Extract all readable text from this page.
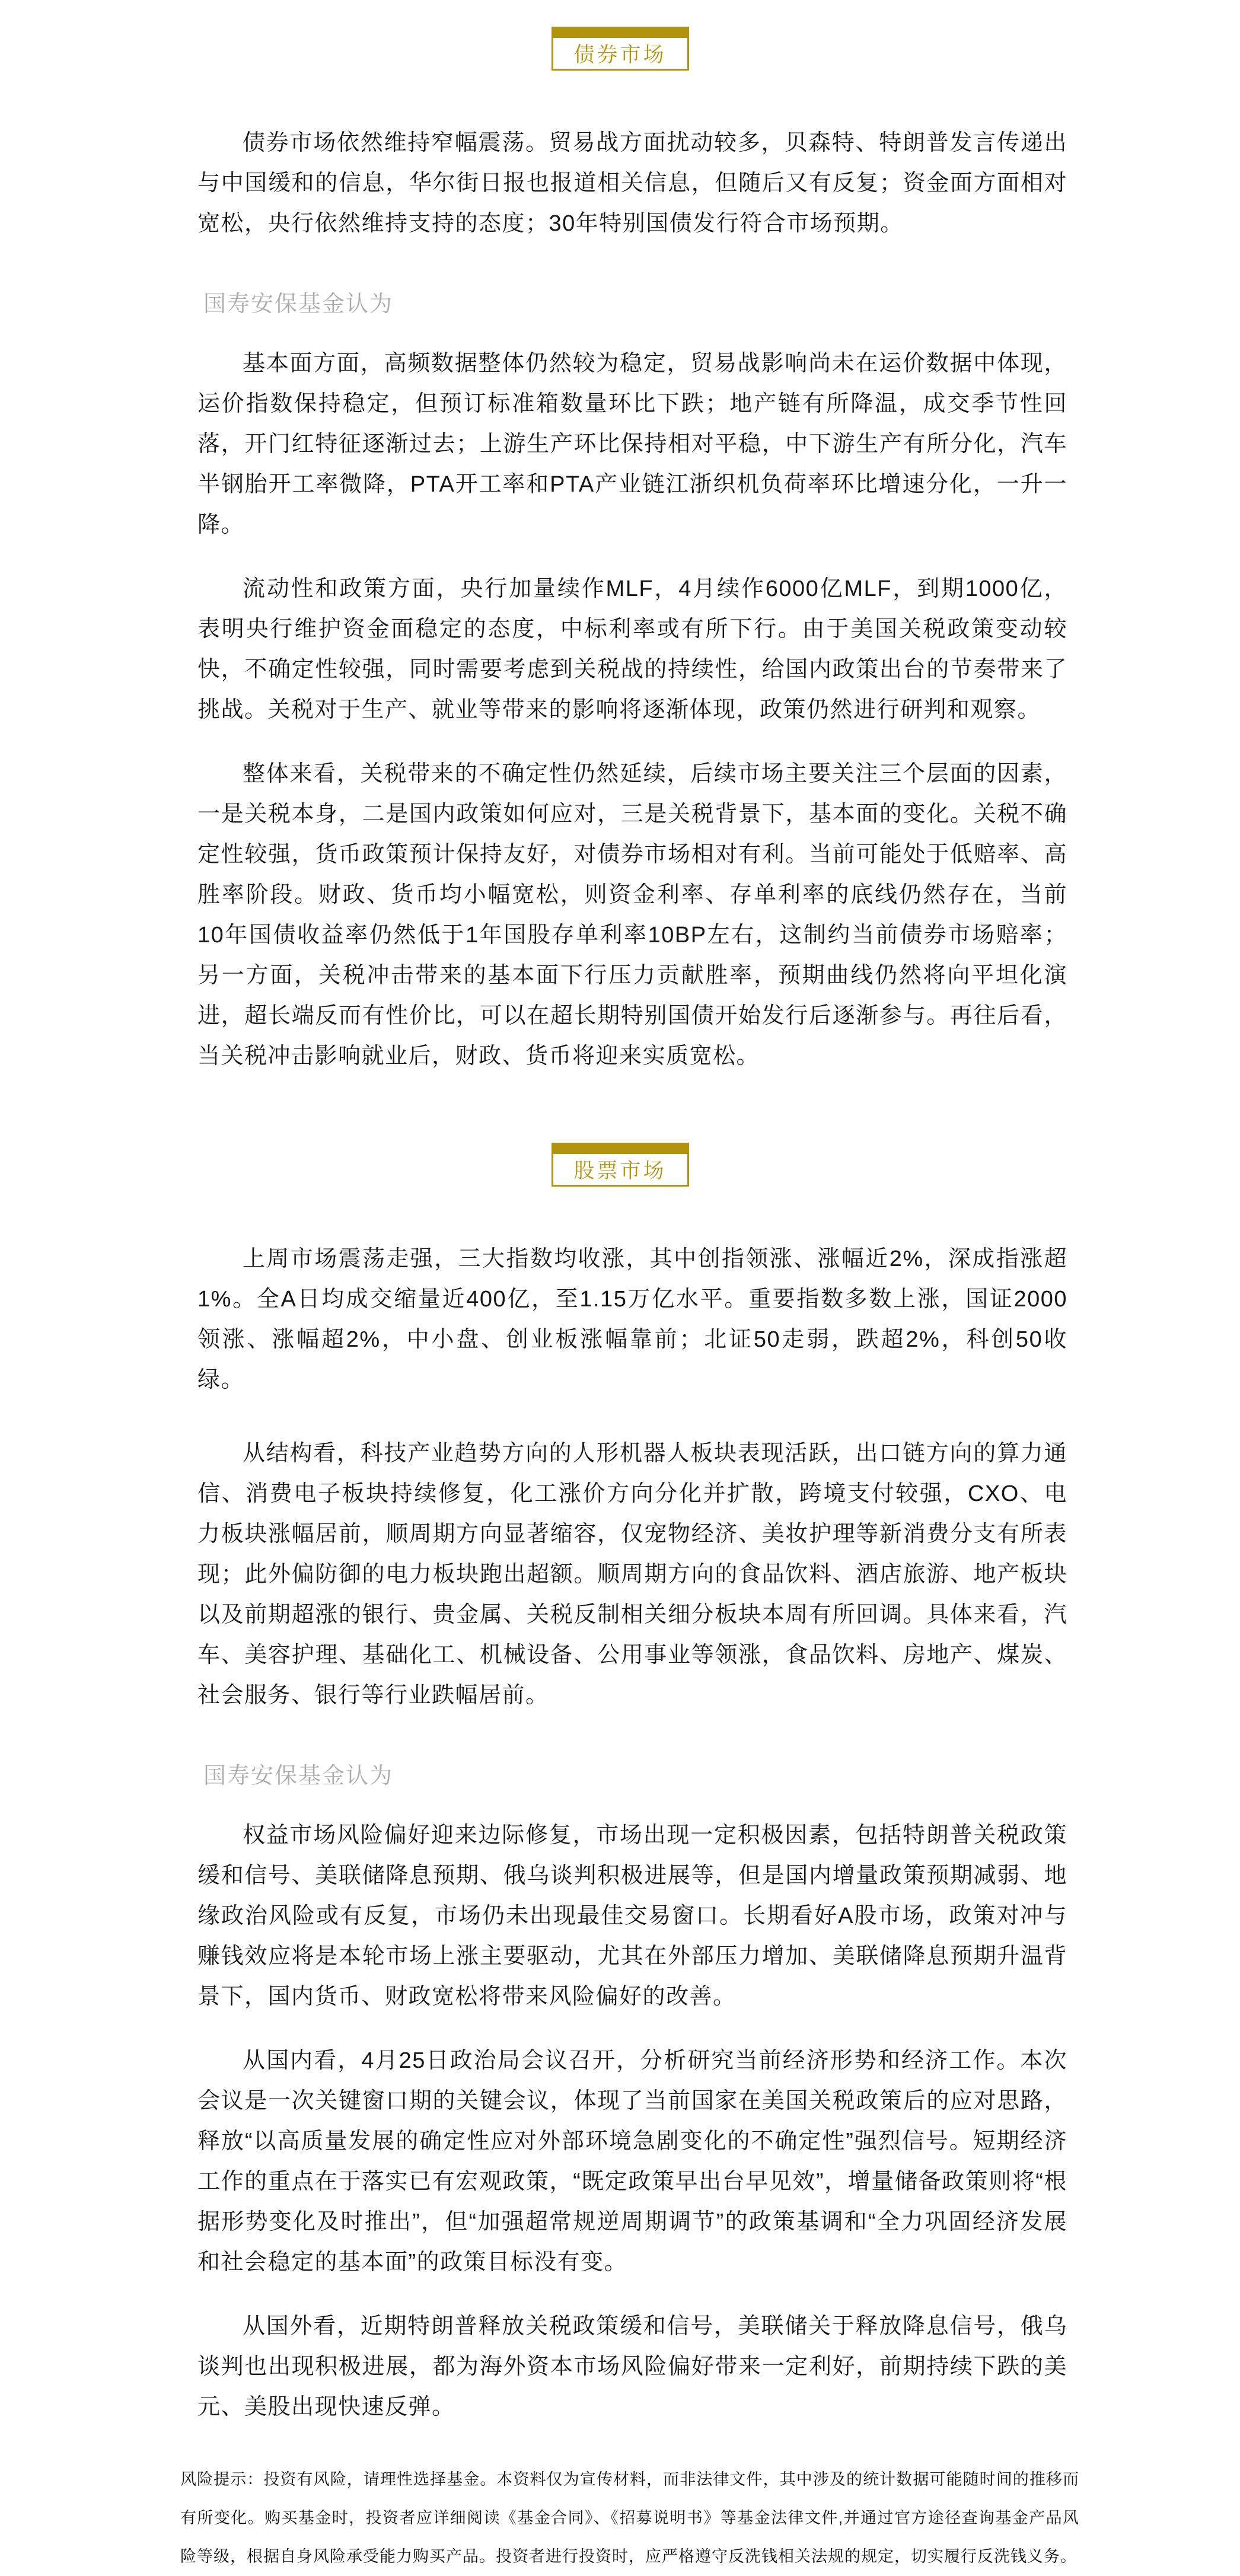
债券市场

债券市场依然维持窄幅震荡。贸易战方面扰动较多，贝森特、特朗普发言传递出与中国缓和的信息，华尔街日报也报道相关信息，但随后又有反复；资金面方面相对宽松，央行依然维持支持的态度；30年特别国债发行符合市场预期。

国寿安保基金认为

基本面方面，高频数据整体仍然较为稳定，贸易战影响尚未在运价数据中体现，运价指数保持稳定，但预订标准箱数量环比下跌；地产链有所降温，成交季节性回落，开门红特征逐渐过去；上游生产环比保持相对平稳，中下游生产有所分化，汽车半钢胎开工率微降，PTA开工率和PTA产业链江浙织机负荷率环比增速分化，一升一降。

流动性和政策方面，央行加量续作MLF，4月续作6000亿MLF，到期1000亿，表明央行维护资金面稳定的态度，中标利率或有所下行。由于美国关税政策变动较快，不确定性较强，同时需要考虑到关税战的持续性，给国内政策出台的节奏带来了挑战。关税对于生产、就业等带来的影响将逐渐体现，政策仍然进行研判和观察。

整体来看，关税带来的不确定性仍然延续，后续市场主要关注三个层面的因素，一是关税本身，二是国内政策如何应对，三是关税背景下，基本面的变化。关税不确定性较强，货币政策预计保持友好，对债券市场相对有利。当前可能处于低赔率、高胜率阶段。财政、货币均小幅宽松，则资金利率、存单利率的底线仍然存在，当前10年国债收益率仍然低于1年国股存单利率10BP左右，这制约当前债券市场赔率；另一方面，关税冲击带来的基本面下行压力贡献胜率，预期曲线仍然将向平坦化演进，超长端反而有性价比，可以在超长期特别国债开始发行后逐渐参与。再往后看，当关税冲击影响就业后，财政、货币将迎来实质宽松。

股票市场

上周市场震荡走强，三大指数均收涨，其中创指领涨、涨幅近2%，深成指涨超1%。全A日均成交缩量近400亿，至1.15万亿水平。重要指数多数上涨，国证2000领涨、涨幅超2%，中小盘、创业板涨幅靠前；北证50走弱，跌超2%，科创50收绿。

从结构看，科技产业趋势方向的人形机器人板块表现活跃，出口链方向的算力通信、消费电子板块持续修复，化工涨价方向分化并扩散，跨境支付较强，CXO、电力板块涨幅居前，顺周期方向显著缩容，仅宠物经济、美妆护理等新消费分支有所表现；此外偏防御的电力板块跑出超额。顺周期方向的食品饮料、酒店旅游、地产板块以及前期超涨的银行、贵金属、关税反制相关细分板块本周有所回调。具体来看，汽车、美容护理、基础化工、机械设备、公用事业等领涨，食品饮料、房地产、煤炭、社会服务、银行等行业跌幅居前。

国寿安保基金认为

权益市场风险偏好迎来边际修复，市场出现一定积极因素，包括特朗普关税政策缓和信号、美联储降息预期、俄乌谈判积极进展等，但是国内增量政策预期减弱、地缘政治风险或有反复，市场仍未出现最佳交易窗口。长期看好A股市场，政策对冲与赚钱效应将是本轮市场上涨主要驱动，尤其在外部压力增加、美联储降息预期升温背景下，国内货币、财政宽松将带来风险偏好的改善。

从国内看，4月25日政治局会议召开，分析研究当前经济形势和经济工作。本次会议是一次关键窗口期的关键会议，体现了当前国家在美国关税政策后的应对思路，释放“以高质量发展的确定性应对外部环境急剧变化的不确定性”强烈信号。短期经济工作的重点在于落实已有宏观政策，“既定政策早出台早见效”，增量储备政策则将“根据形势变化及时推出”，但“加强超常规逆周期调节”的政策基调和“全力巩固经济发展和社会稳定的基本面”的政策目标没有变。

从国外看，近期特朗普释放关税政策缓和信号，美联储关于释放降息信号，俄乌谈判也出现积极进展，都为海外资本市场风险偏好带来一定利好，前期持续下跌的美元、美股出现快速反弹。

风险提示：投资有风险，请理性选择基金。本资料仅为宣传材料，而非法律文件，其中涉及的统计数据可能随时间的推移而有所变化。购买基金时，投资者应详细阅读《基金合同》、《招募说明书》等基金法律文件,并通过官方途径查询基金产品风险等级，根据自身风险承受能力购买产品。投资者进行投资时，应严格遵守反洗钱相关法规的规定，切实履行反洗钱义务。
